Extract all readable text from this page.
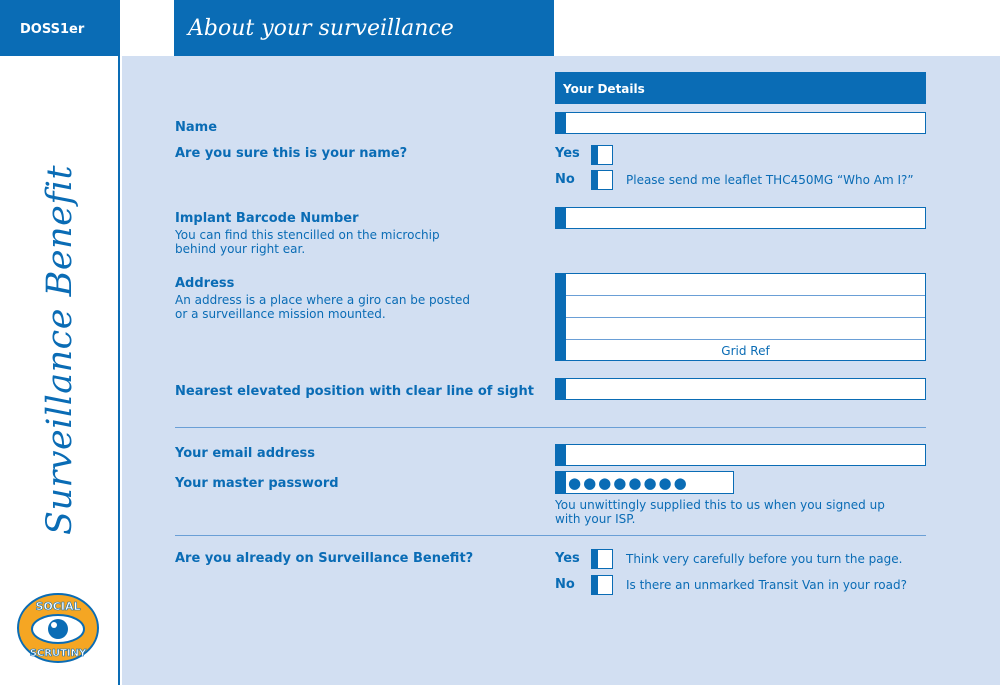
DOSS1er
Surveillance Benefit
SOCIAL
SCRUTINY
About your surveillance
Your Details
Name
Are you sure this is your name?	Yes
No	Please send me leaflet THC450MG “Who Am I?”
Implant Barcode Number
You can find this stencilled on the microchip
behind your right ear.
Address
An address is a place where a giro can be posted
or a surveillance mission mounted.
Grid Ref
Nearest elevated position with clear line of sight
Your email address
Your master password	●●●●●●●●
You unwittingly supplied this to us when you signed up
with your ISP.
Are you already on Surveillance Benefit?	Yes	Think very carefully before you turn the page.
No	Is there an unmarked Transit Van in your road?
